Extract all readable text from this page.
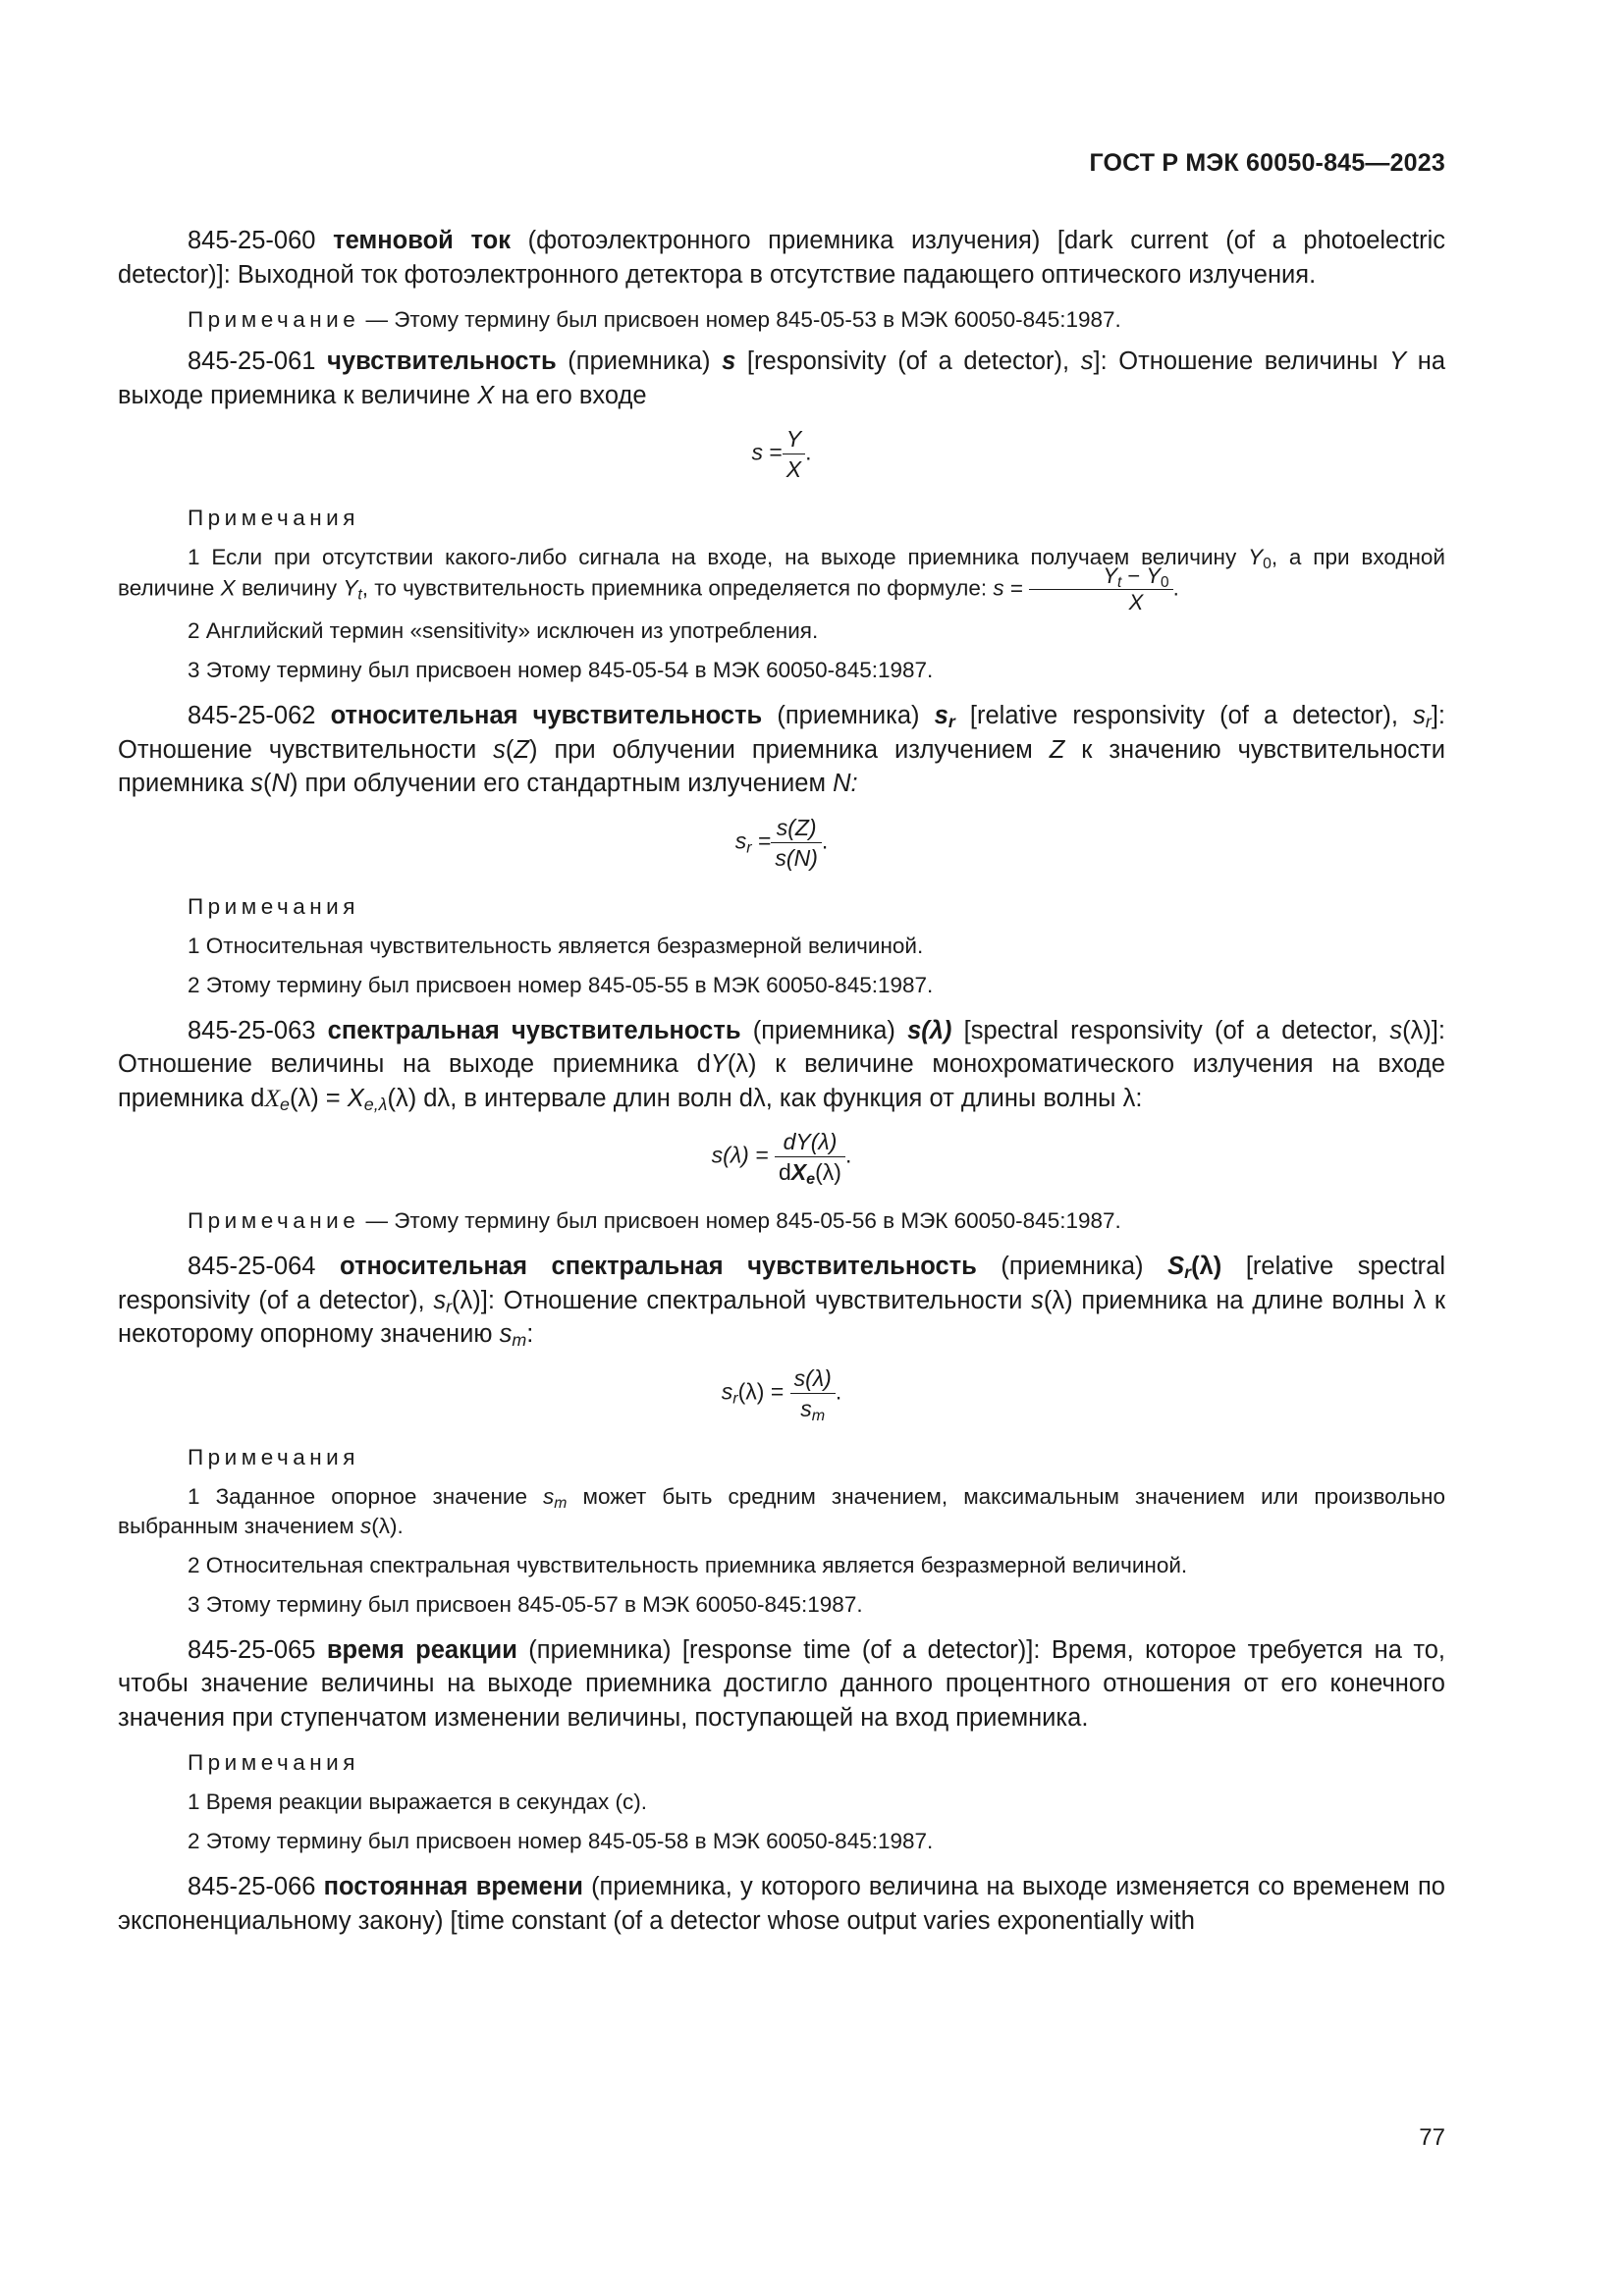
ГОСТ Р МЭК 60050-845—2023

845-25-060 темновой ток (фотоэлектронного приемника излучения) [dark current (of a photoelectric detector)]: Выходной ток фотоэлектронного детектора в отсутствие падающего оптического излучения.

Примечание — Этому термину был присвоен номер 845-05-53 в МЭК 60050-845:1987.

845-25-061 чувствительность (приемника) s [responsivity (of a detector), s]: Отношение величины Y на выходе приемника к величине X на его входе

$s = \frac{Y}{X}$ .
Примечания

1 Если при отсутствии какого-либо сигнала на входе, на выходе приемника получаем величину $Y_0$, а при входной величине X величину $Y_t$, то чувствительность приемника определяется по формуле: $s = \frac{Y_t - Y_0}{X}$ .

2 Английский термин «sensitivity» исключен из употребления.

3 Этому термину был присвоен номер 845-05-54 в МЭК 60050-845:1987.

845-25-062 относительная чувствительность (приемника) $s_r$ [relative responsivity (of a detector), $s_r$]: Отношение чувствительности s(Z) при облучении приемника излучением Z к значению чувствительности приемника s(N) при облучении его стандартным излучением N:

$s_r = \frac{s(Z)}{s(N)}$ .
Примечания

1 Относительная чувствительность является безразмерной величиной.

2 Этому термину был присвоен номер 845-05-55 в МЭК 60050-845:1987.

845-25-063 спектральная чувствительность (приемника) s(λ) [spectral responsivity (of a detector, s(λ)]: Отношение величины на выходе приемника dY(λ) к величине монохроматического излучения на входе приемника $dX_e(\lambda) = X_{e,\lambda}(\lambda)$ dλ, в интервале длин волн dλ, как функция от длины волны λ:

$s(\lambda) = \frac{dY(\lambda)}{dX_e(\lambda)}$ .

Примечание — Этому термину был присвоен номер 845-05-56 в МЭК 60050-845:1987.

845-25-064 относительная спектральная чувствительность (приемника) $S_r(\lambda)$ [relative spectral responsivity (of a detector), $s_r(\lambda)$]: Отношение спектральной чувствительности s(λ) приемника на длине волны λ к некоторому опорному значению $s_m$:

$s_r(\lambda) = \frac{s(\lambda)}{s_m}$ .
Примечания

1 Заданное опорное значение $s_m$ может быть средним значением, максимальным значением или произвольно выбранным значением s(λ).

2 Относительная спектральная чувствительность приемника является безразмерной величиной.

3 Этому термину был присвоен 845-05-57 в МЭК 60050-845:1987.

845-25-065 время реакции (приемника) [response time (of a detector)]: Время, которое требуется на то, чтобы значение величины на выходе приемника достигло данного процентного отношения от его конечного значения при ступенчатом изменении величины, поступающей на вход приемника.

Примечания

1 Время реакции выражается в секундах (с).

2 Этому термину был присвоен номер 845-05-58 в МЭК 60050-845:1987.

845-25-066 постоянная времени (приемника, у которого величина на выходе изменяется со временем по экспоненциальному закону) [time constant (of a detector whose output varies exponentially with

77
